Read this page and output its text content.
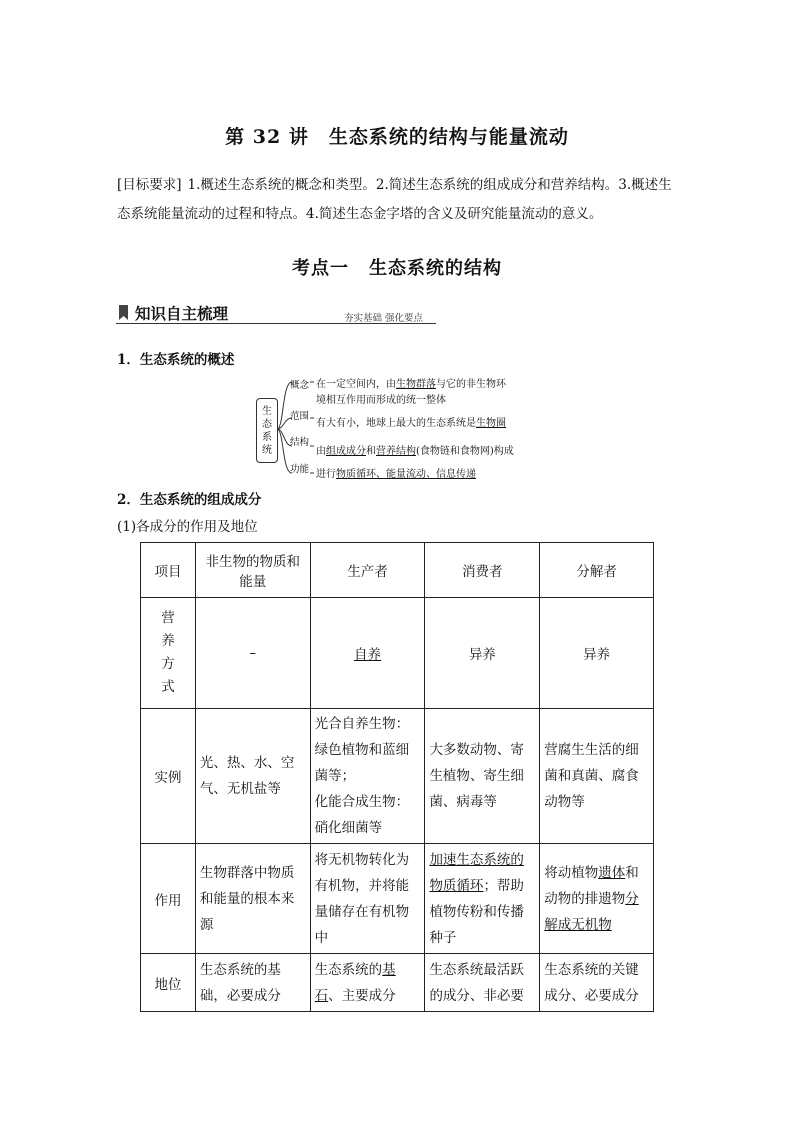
第 32 讲 生态系统的结构与能量流动
[目标要求] 1.概述生态系统的概念和类型。2.简述生态系统的组成成分和营养结构。3.概述生态系统能量流动的过程和特点。4.简述生态金字塔的含义及研究能量流动的意义。
考点一 生态系统的结构
知识自主梳理	夯实基础 强化要点
1．生态系统的概述
生
态
系
统
概念 在一定空间内，由生物群落与它的非生物环
境相互作用而形成的统一整体
范围
有大有小，地球上最大的生态系统是生物圈
结构
由组成成分和营养结构(食物链和食物网)构成
功能 进行物质循环、能量流动、信息传递
2．生态系统的组成成分
(1)各成分的作用及地位
项目	非生物的物质和能量	生产者	消费者	分解者
营
养
方
式	–	自养	异养	异养
实例	光、热、水、空气、无机盐等	光合自养生物：
绿色植物和蓝细菌等；
化能合成生物：
硝化细菌等	大多数动物、寄生植物、寄生细菌、病毒等	营腐生生活的细菌和真菌、腐食动物等
作用	生物群落中物质和能量的根本来源	将无机物转化为有机物，并将能量储存在有机物中	加速生态系统的物质循环；帮助植物传粉和传播种子	将动植物遗体和动物的排遗物分解成无机物
地位	生态系统的基础，必要成分	生态系统的基石、主要成分	生态系统最活跃的成分、非必要	生态系统的关键成分、必要成分
